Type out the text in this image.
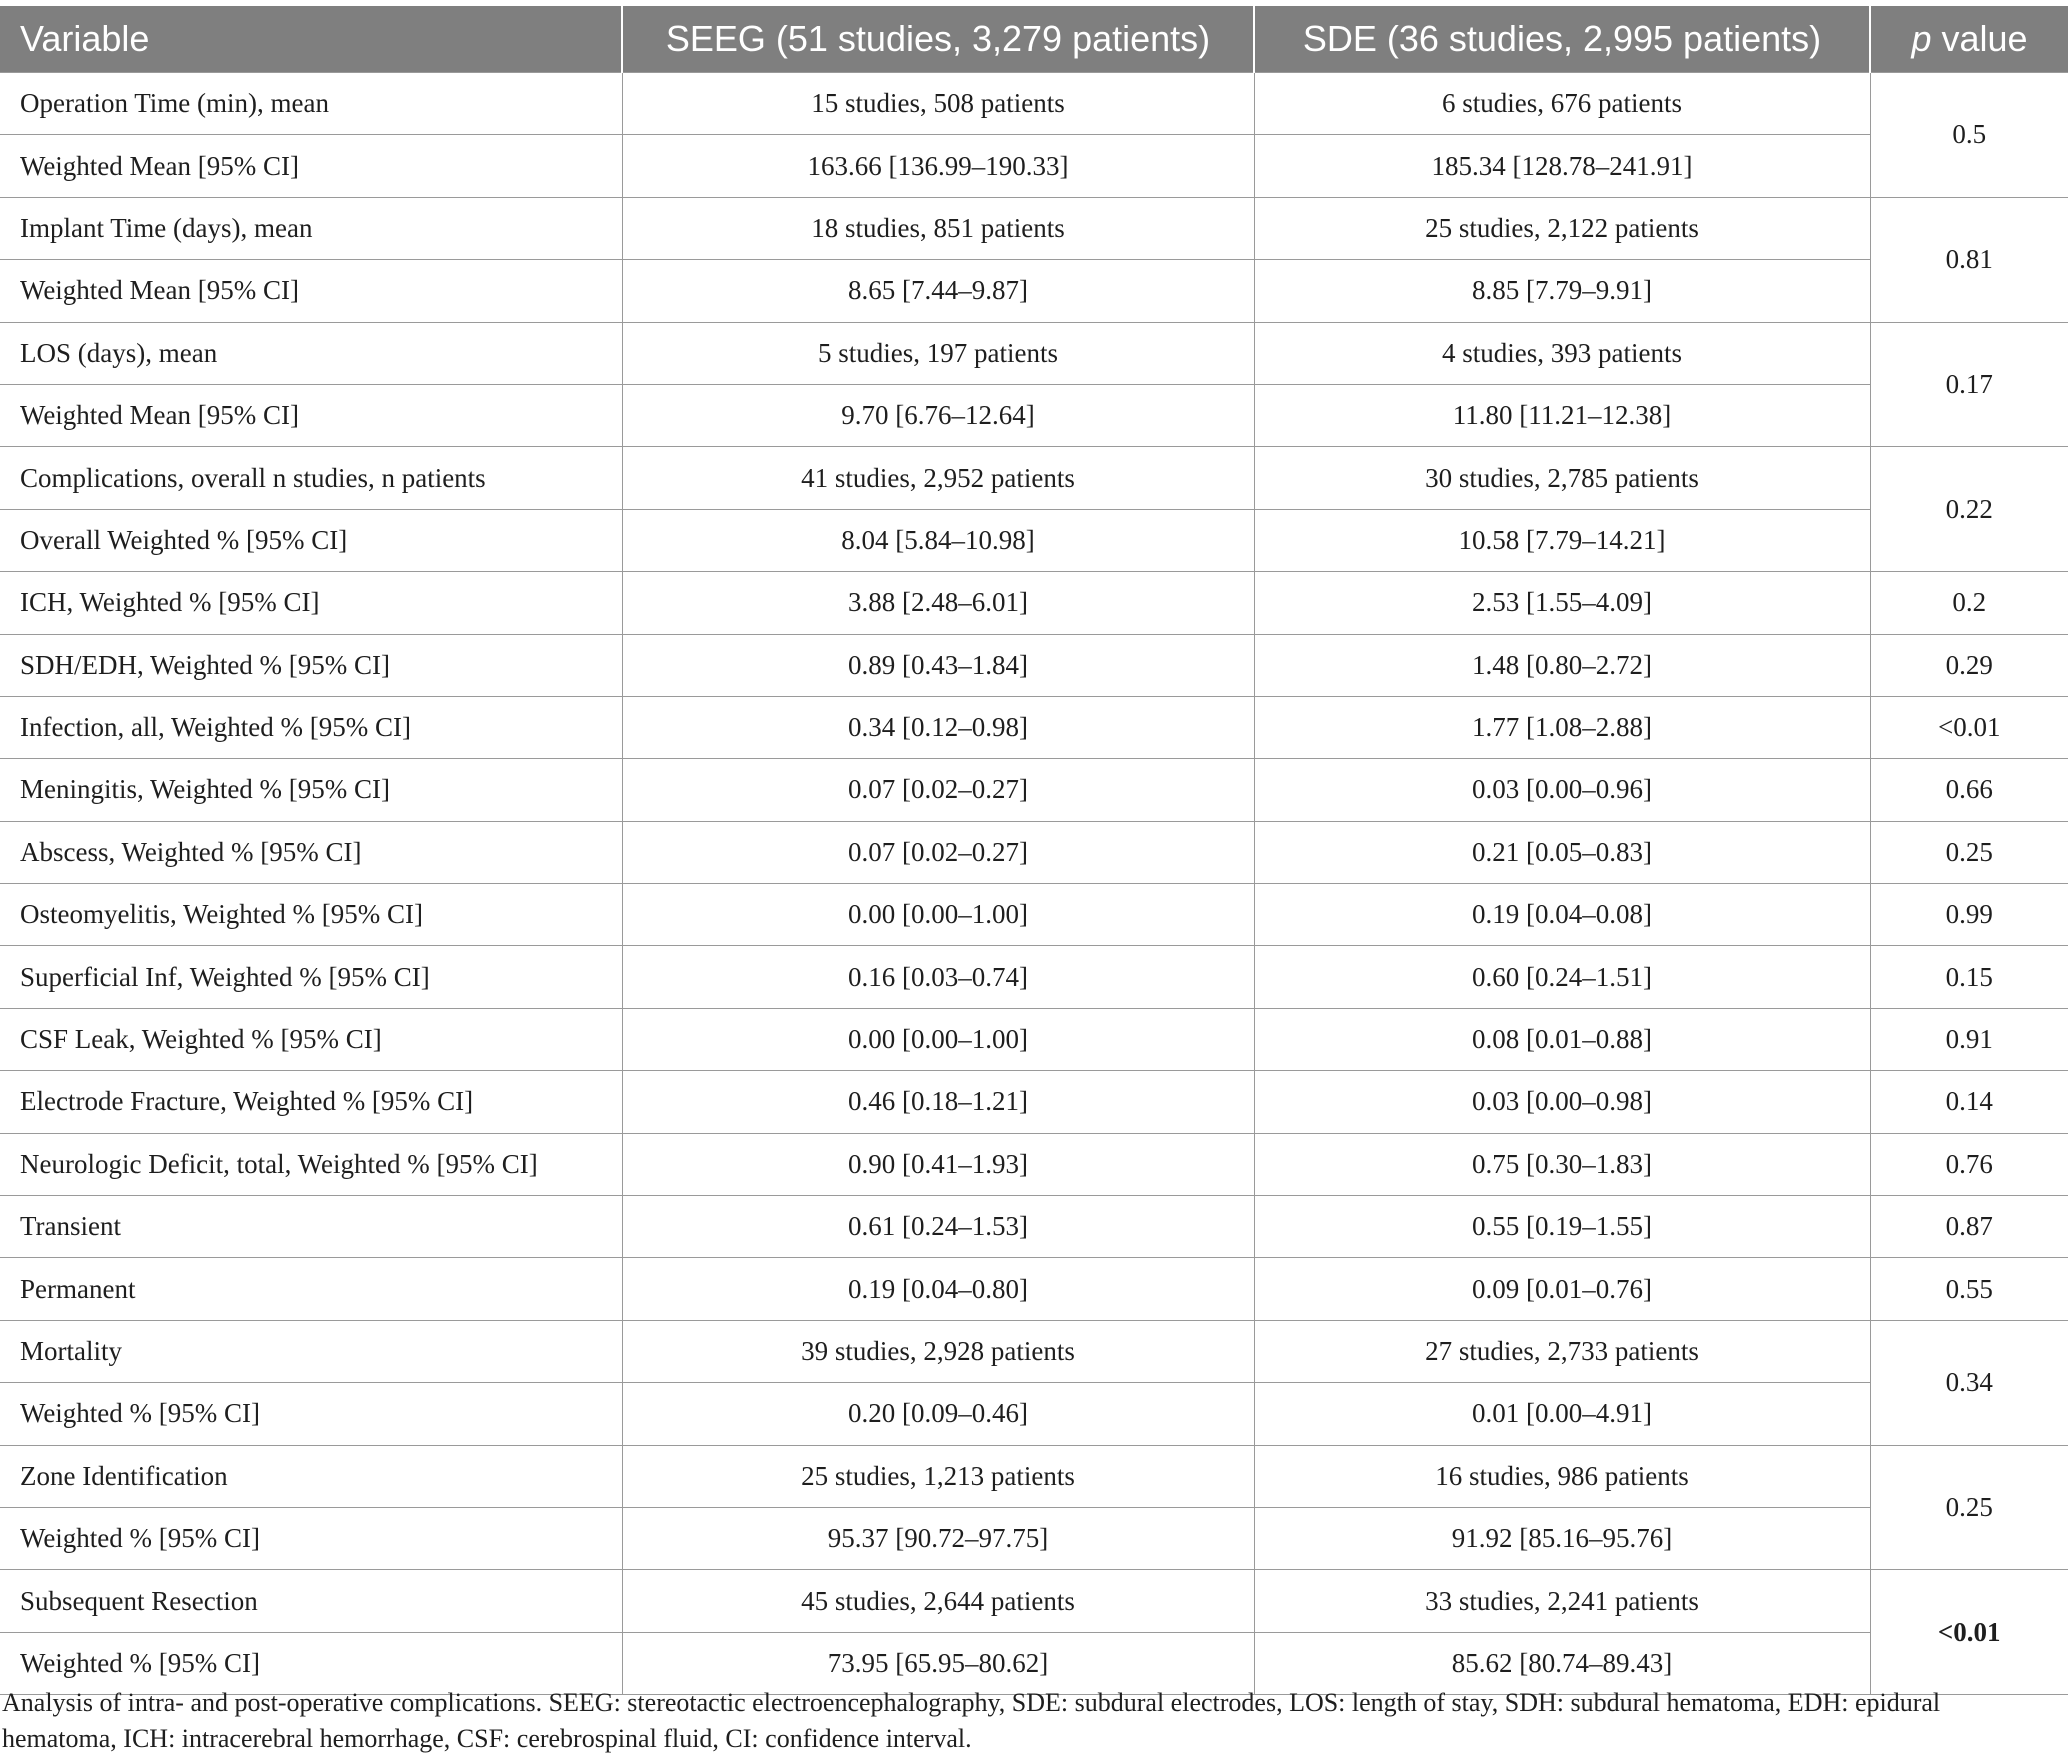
Variable	SEEG (51 studies, 3,279 patients)	SDE (36 studies, 2,995 patients)	p value
Operation Time (min), mean	15 studies, 508 patients	6 studies, 676 patients	0.5
Weighted Mean [95% CI]	163.66 [136.99–190.33]	185.34 [128.78–241.91]	
Implant Time (days), mean	18 studies, 851 patients	25 studies, 2,122 patients	0.81
Weighted Mean [95% CI]	8.65 [7.44–9.87]	8.85 [7.79–9.91]	
LOS (days), mean	5 studies, 197 patients	4 studies, 393 patients	0.17
Weighted Mean [95% CI]	9.70 [6.76–12.64]	11.80 [11.21–12.38]	
Complications, overall n studies, n patients	41 studies, 2,952 patients	30 studies, 2,785 patients	0.22
Overall Weighted % [95% CI]	8.04 [5.84–10.98]	10.58 [7.79–14.21]	
ICH, Weighted % [95% CI]	3.88 [2.48–6.01]	2.53 [1.55–4.09]	0.2
SDH/EDH, Weighted % [95% CI]	0.89 [0.43–1.84]	1.48 [0.80–2.72]	0.29
Infection, all, Weighted % [95% CI]	0.34 [0.12–0.98]	1.77 [1.08–2.88]	<0.01
Meningitis, Weighted % [95% CI]	0.07 [0.02–0.27]	0.03 [0.00–0.96]	0.66
Abscess, Weighted % [95% CI]	0.07 [0.02–0.27]	0.21 [0.05–0.83]	0.25
Osteomyelitis, Weighted % [95% CI]	0.00 [0.00–1.00]	0.19 [0.04–0.08]	0.99
Superficial Inf, Weighted % [95% CI]	0.16 [0.03–0.74]	0.60 [0.24–1.51]	0.15
CSF Leak, Weighted % [95% CI]	0.00 [0.00–1.00]	0.08 [0.01–0.88]	0.91
Electrode Fracture, Weighted % [95% CI]	0.46 [0.18–1.21]	0.03 [0.00–0.98]	0.14
Neurologic Deficit, total, Weighted % [95% CI]	0.90 [0.41–1.93]	0.75 [0.30–1.83]	0.76
Transient	0.61 [0.24–1.53]	0.55 [0.19–1.55]	0.87
Permanent	0.19 [0.04–0.80]	0.09 [0.01–0.76]	0.55
Mortality	39 studies, 2,928 patients	27 studies, 2,733 patients	0.34
Weighted % [95% CI]	0.20 [0.09–0.46]	0.01 [0.00–4.91]	
Zone Identification	25 studies, 1,213 patients	16 studies, 986 patients	0.25
Weighted % [95% CI]	95.37 [90.72–97.75]	91.92 [85.16–95.76]	
Subsequent Resection	45 studies, 2,644 patients	33 studies, 2,241 patients	<0.01
Weighted % [95% CI]	73.95 [65.95–80.62]	85.62 [80.74–89.43]	
Analysis of intra- and post-operative complications. SEEG: stereotactic electroencephalography, SDE: subdural electrodes, LOS: length of stay, SDH: subdural hematoma, EDH: epidural hematoma, ICH: intracerebral hemorrhage, CSF: cerebrospinal fluid, CI: confidence interval.
